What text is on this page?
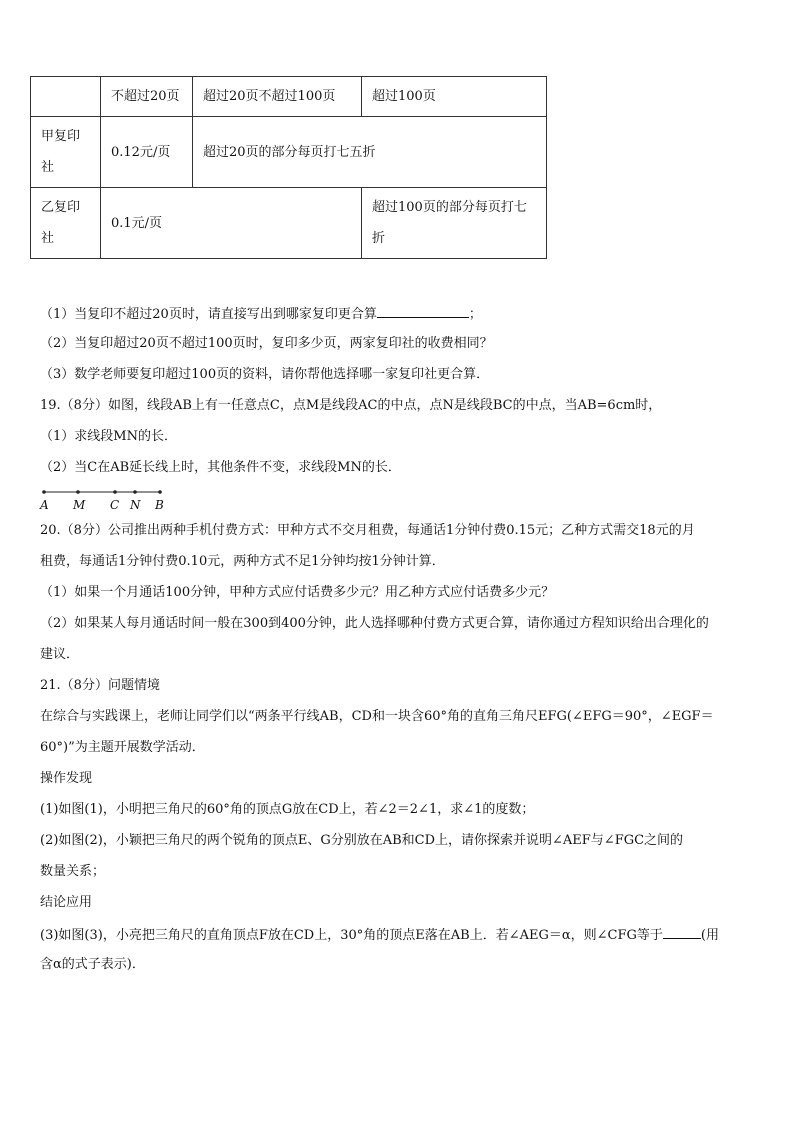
	不超过20页	超过20页不超过100页	超过100页
甲复印社	0.12元/页	超过20页的部分每页打七五折	
乙复印社	0.1元/页		超过100页的部分每页打七折
（1）当复印不超过20页时，请直接写出到哪家复印更合算	；
（2）当复印超过20页不超过100页时，复印多少页，两家复印社的收费相同？
（3）数学老师要复印超过100页的资料，请你帮他选择哪一家复印社更合算．
19.（8分）如图，线段AB上有一任意点C，点M是线段AC的中点，点N是线段BC的中点，当AB=6cm时，
（1）求线段MN的长．
（2）当C在AB延长线上时，其他条件不变，求线段MN的长．
A M C N B
20.（8分）公司推出两种手机付费方式：甲种方式不交月租费，每通话1分钟付费0.15元；乙种方式需交18元的月
租费，每通话1分钟付费0.10元，两种方式不足1分钟均按1分钟计算．
（1）如果一个月通话100分钟，甲种方式应付话费多少元？用乙种方式应付话费多少元？
（2）如果某人每月通话时间一般在300到400分钟，此人选择哪种付费方式更合算，请你通过方程知识给出合理化的
建议．
21.（8分）问题情境
在综合与实践课上，老师让同学们以“两条平行线AB，CD和一块含60°角的直角三角尺EFG(∠EFG＝90°，∠EGF＝
60°)”为主题开展数学活动．
操作发现
(1)如图(1)，小明把三角尺的60°角的顶点G放在CD上，若∠2＝2∠1，求∠1的度数；
(2)如图(2)，小颖把三角尺的两个锐角的顶点E、G分别放在AB和CD上，请你探索并说明∠AEF与∠FGC之间的
数量关系；
结论应用
(3)如图(3)，小亮把三角尺的直角顶点F放在CD上，30°角的顶点E落在AB上．若∠AEG＝α，则∠CFG等于	(用
含α的式子表示)．
